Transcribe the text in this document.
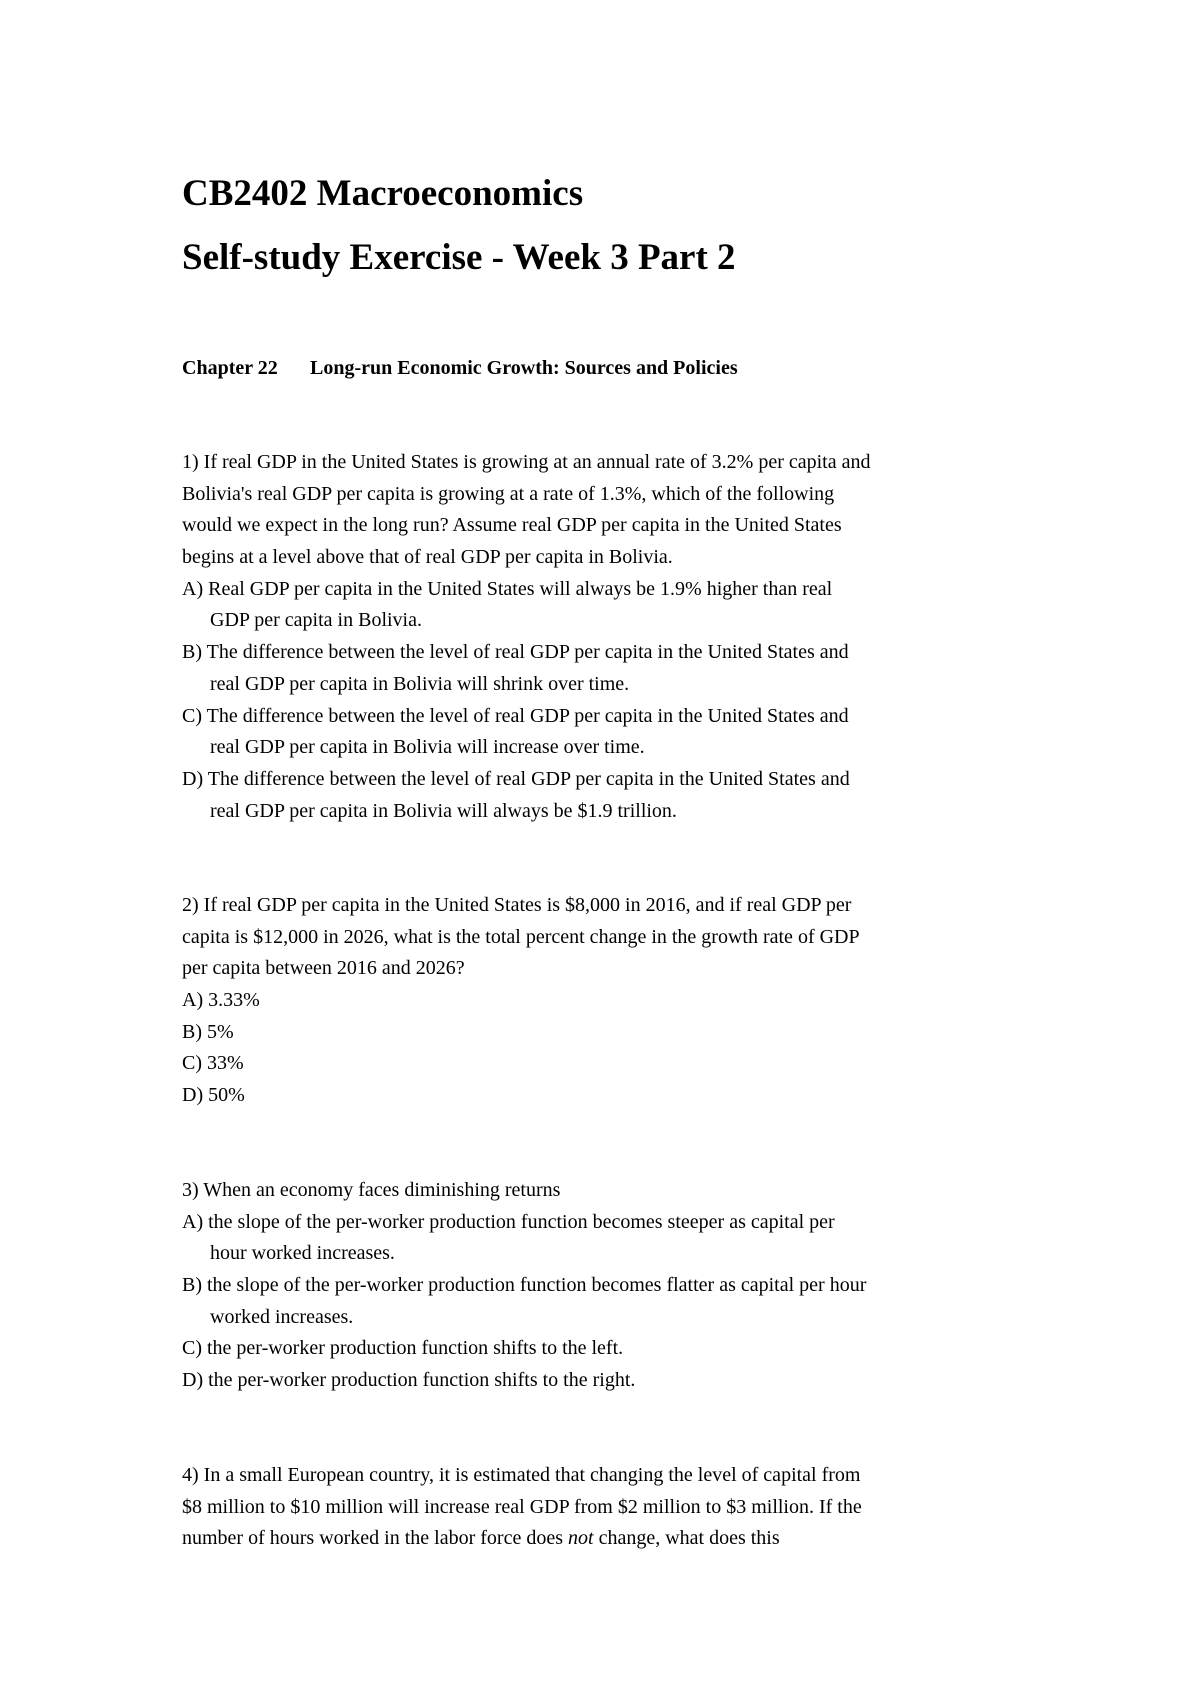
CB2402 Macroeconomics
Self-study Exercise - Week 3 Part 2
Chapter 22 Long-run Economic Growth: Sources and Policies
1) If real GDP in the United States is growing at an annual rate of 3.2% per capita and
Bolivia's real GDP per capita is growing at a rate of 1.3%, which of the following
would we expect in the long run? Assume real GDP per capita in the United States
begins at a level above that of real GDP per capita in Bolivia.
A) Real GDP per capita in the United States will always be 1.9% higher than real
GDP per capita in Bolivia.
B) The difference between the level of real GDP per capita in the United States and
real GDP per capita in Bolivia will shrink over time.
C) The difference between the level of real GDP per capita in the United States and
real GDP per capita in Bolivia will increase over time.
D) The difference between the level of real GDP per capita in the United States and
real GDP per capita in Bolivia will always be $1.9 trillion.
2) If real GDP per capita in the United States is $8,000 in 2016, and if real GDP per
capita is $12,000 in 2026, what is the total percent change in the growth rate of GDP
per capita between 2016 and 2026?
A) 3.33%
B) 5%
C) 33%
D) 50%
3) When an economy faces diminishing returns
A) the slope of the per-worker production function becomes steeper as capital per
hour worked increases.
B) the slope of the per-worker production function becomes flatter as capital per hour
worked increases.
C) the per-worker production function shifts to the left.
D) the per-worker production function shifts to the right.
4) In a small European country, it is estimated that changing the level of capital from
$8 million to $10 million will increase real GDP from $2 million to $3 million. If the
number of hours worked in the labor force does not change, what does this
